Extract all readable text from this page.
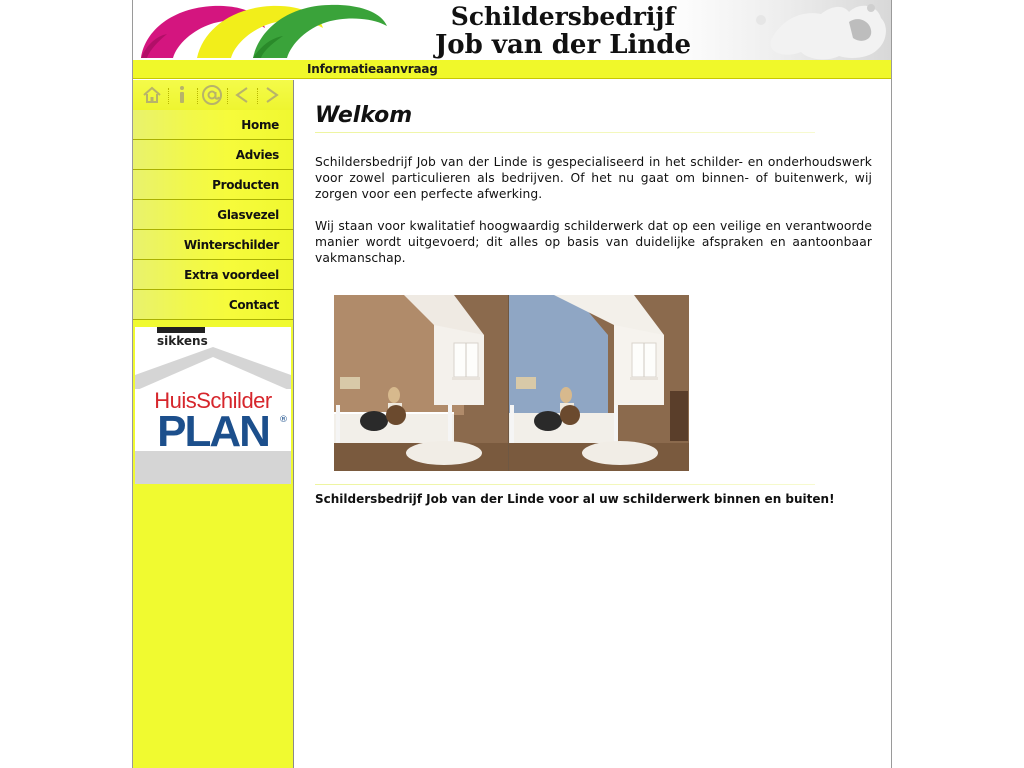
Schildersbedrijf
Job van der Linde
Informatieaanvraag
Home
Advies
Producten
Glasvezel
Winterschilder
Extra voordeel
Contact
sikkens
HuisSchilder
PLAN	®
Welkom

Schildersbedrijf Job van der Linde is gespecialiseerd in het schilder- en onderhoudswerk voor zowel particulieren als bedrijven. Of het nu gaat om binnen- of buitenwerk, wij zorgen voor een perfecte afwerking.

Wij staan voor kwalitatief hoogwaardig schilderwerk dat op een veilige en verantwoorde manier wordt uitgevoerd; dit alles op basis van duidelijke afspraken en aantoonbaar vakmanschap.

Schildersbedrijf Job van der Linde voor al uw schilderwerk binnen en buiten!
